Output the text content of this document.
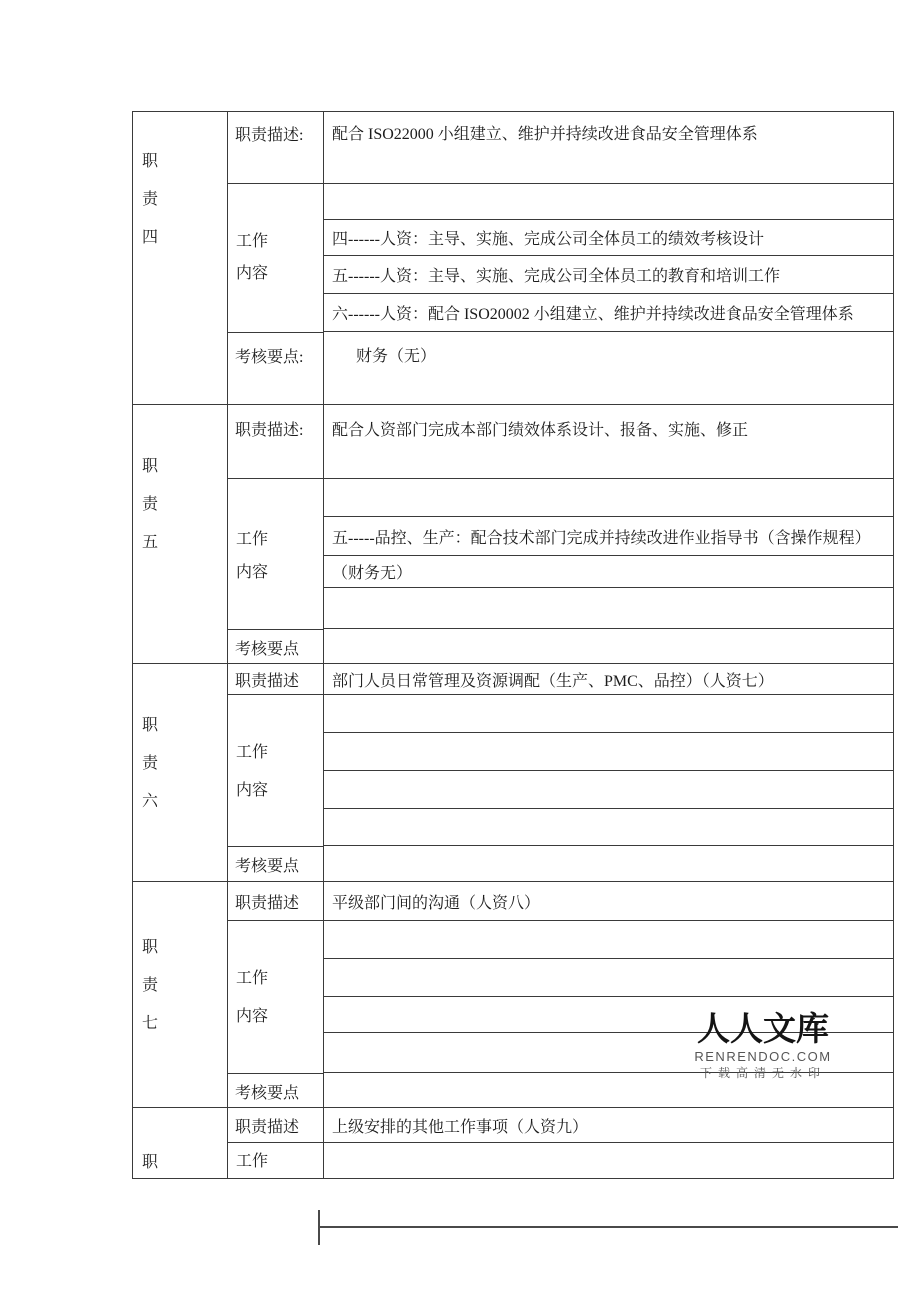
职
责
四
职责描述:
考核要点:
工作
内容
配合 ISO22000 小组建立、维护并持续改进食品安全管理体系
四------人资：主导、实施、完成公司全体员工的绩效考核设计
五------人资：主导、实施、完成公司全体员工的教育和培训工作
六------人资：配合 ISO20002 小组建立、维护并持续改进食品安全管理体系
财务（无）
职
责
五
职责描述:
考核要点
工作
内容
配合人资部门完成本部门绩效体系设计、报备、实施、修正
五-----品控、生产：配合技术部门完成并持续改进作业指导书（含操作规程）
（财务无）
职
责
六
职责描述
考核要点
工作
内容
部门人员日常管理及资源调配（生产、PMC、品控）（人资七）
职
责
七
职责描述
考核要点
工作
内容
平级部门间的沟通（人资八）
职
职责描述
工作
上级安排的其他工作事项（人资九）
人人文库
RENRENDOC.COM
下载高清无水印
